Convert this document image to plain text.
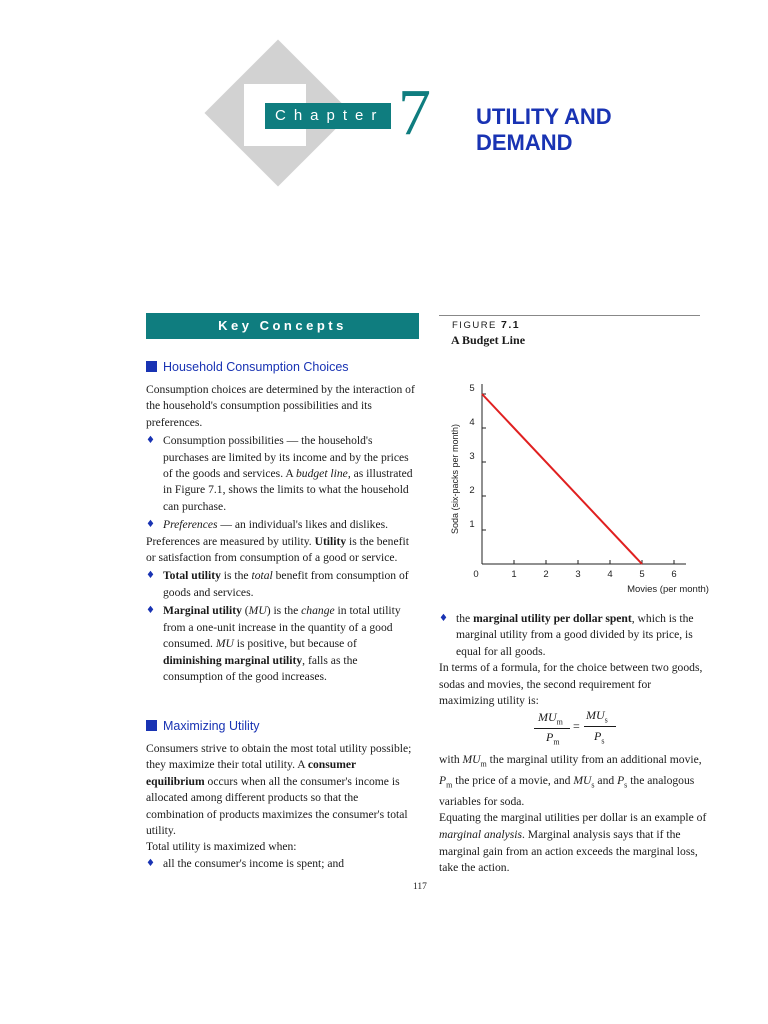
Chapter 7 UTILITY AND
DEMAND
Key Concepts
Household Consumption Choices

Consumption choices are determined by the interaction of the household's consumption possibilities and its preferences.

♦ Consumption possibilities — the household's purchases are limited by its income and by the prices of the goods and services. A budget line, as illustrated in Figure 7.1, shows the limits to what the household can purchase.
♦ Preferences — an individual's likes and dislikes.

Preferences are measured by utility. Utility is the benefit or satisfaction from consumption of a good or service.

♦ Total utility is the total benefit from consumption of goods and services.
♦ Marginal utility (MU) is the change in total utility from a one-unit increase in the quantity of a good consumed. MU is positive, but because of diminishing marginal utility, falls as the consumption of the good increases.
Maximizing Utility

Consumers strive to obtain the most total utility possible; they maximize their total utility. A consumer equilibrium occurs when all the consumer's income is allocated among different products so that the combination of products maximizes the consumer's total utility.

Total utility is maximized when:

♦ all the consumer's income is spent; and
FIGURE 7.1
A Budget Line
0	1	2	3	4	5	6
1
2
3
4
5
Movies (per month)
Soda (six-packs per month)
♦ the marginal utility per dollar spent, which is the marginal utility from a good divided by its price, is equal for all goods.

In terms of a formula, for the choice between two goods, sodas and movies, the second requirement for maximizing utility is:

$MU_m$
$P_m$
=
$MU_s$
$P_s$

with $MU_m$ the marginal utility from an additional movie, $P_m$ the price of a movie, and $MU_s$ and $P_s$ the analogous variables for soda.

Equating the marginal utilities per dollar is an example of marginal analysis. Marginal analysis says that if the marginal gain from an action exceeds the marginal loss, take the action.

117
